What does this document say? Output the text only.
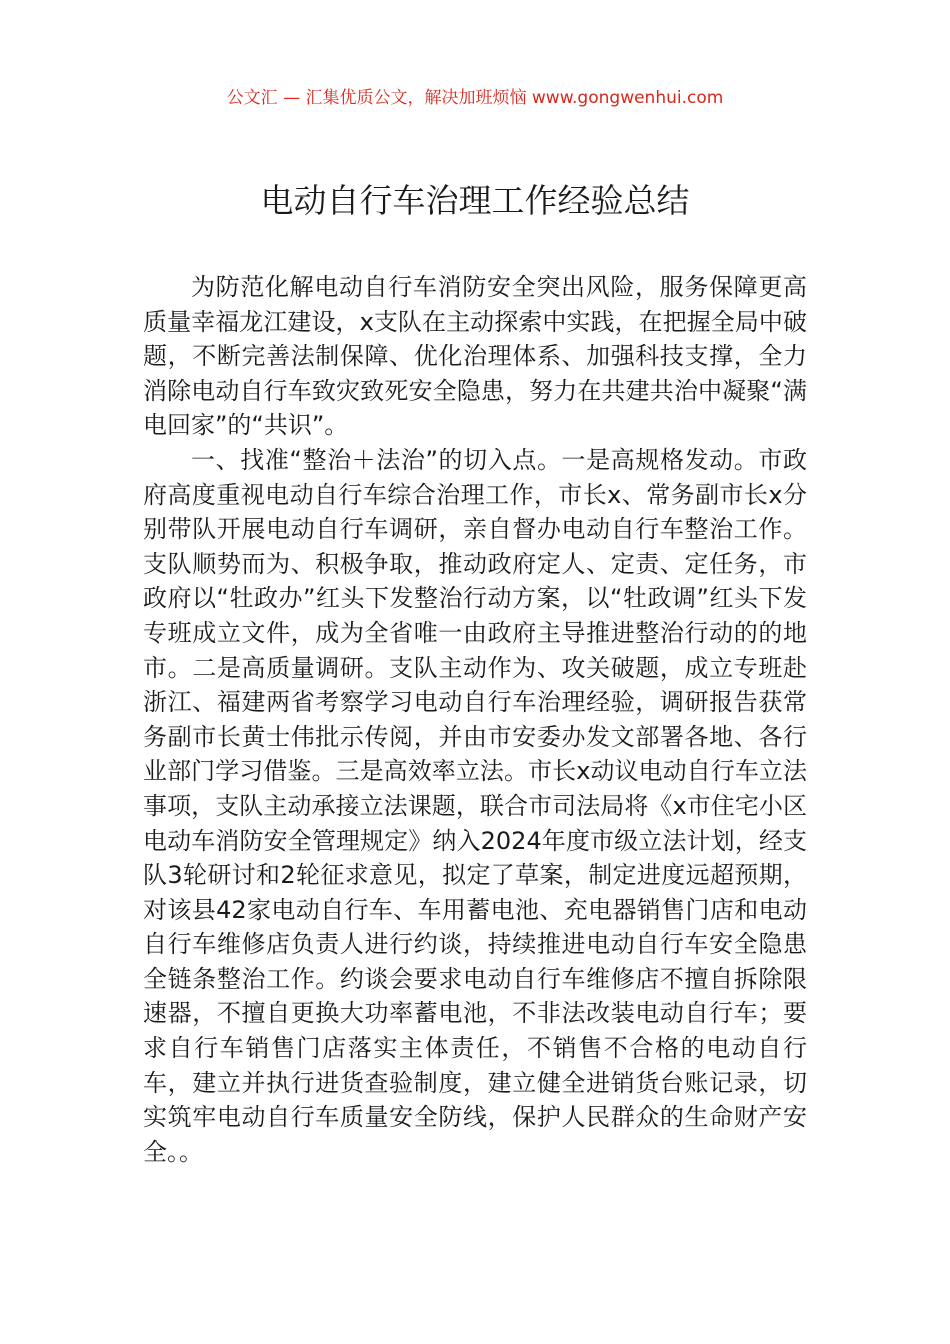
公文汇 — 汇集优质公文，解决加班烦恼 www.gongwenhui.com
电动自行车治理工作经验总结

为防范化解电动自行车消防安全突出风险，服务保障更高质量幸福龙江建设，x支队在主动探索中实践，在把握全局中破题，不断完善法制保障、优化治理体系、加强科技支撑，全力消除电动自行车致灾致死安全隐患，努力在共建共治中凝聚“满电回家”的“共识”。

一、找准“整治＋法治”的切入点。一是高规格发动。市政府高度重视电动自行车综合治理工作，市长x、常务副市长x分别带队开展电动自行车调研，亲自督办电动自行车整治工作。支队顺势而为、积极争取，推动政府定人、定责、定任务，市政府以“牡政办”红头下发整治行动方案，以“牡政调”红头下发专班成立文件，成为全省唯一由政府主导推进整治行动的的地市。二是高质量调研。支队主动作为、攻关破题，成立专班赴浙江、福建两省考察学习电动自行车治理经验，调研报告获常务副市长黄士伟批示传阅，并由市安委办发文部署各地、各行业部门学习借鉴。三是高效率立法。市长x动议电动自行车立法事项，支队主动承接立法课题，联合市司法局将《x市住宅小区电动车消防安全管理规定》纳入2024年度市级立法计划，经支队3轮研讨和2轮征求意见，拟定了草案，制定进度远超预期，对该县42家电动自行车、车用蓄电池、充电器销售门店和电动自行车维修店负责人进行约谈，持续推进电动自行车安全隐患全链条整治工作。约谈会要求电动自行车维修店不擅自拆除限速器，不擅自更换大功率蓄电池，不非法改装电动自行车；要求自行车销售门店落实主体责任，不销售不合格的电动自行车，建立并执行进货查验制度，建立健全进销货台账记录，切实筑牢电动自行车质量安全防线，保护人民群众的生命财产安全。。
